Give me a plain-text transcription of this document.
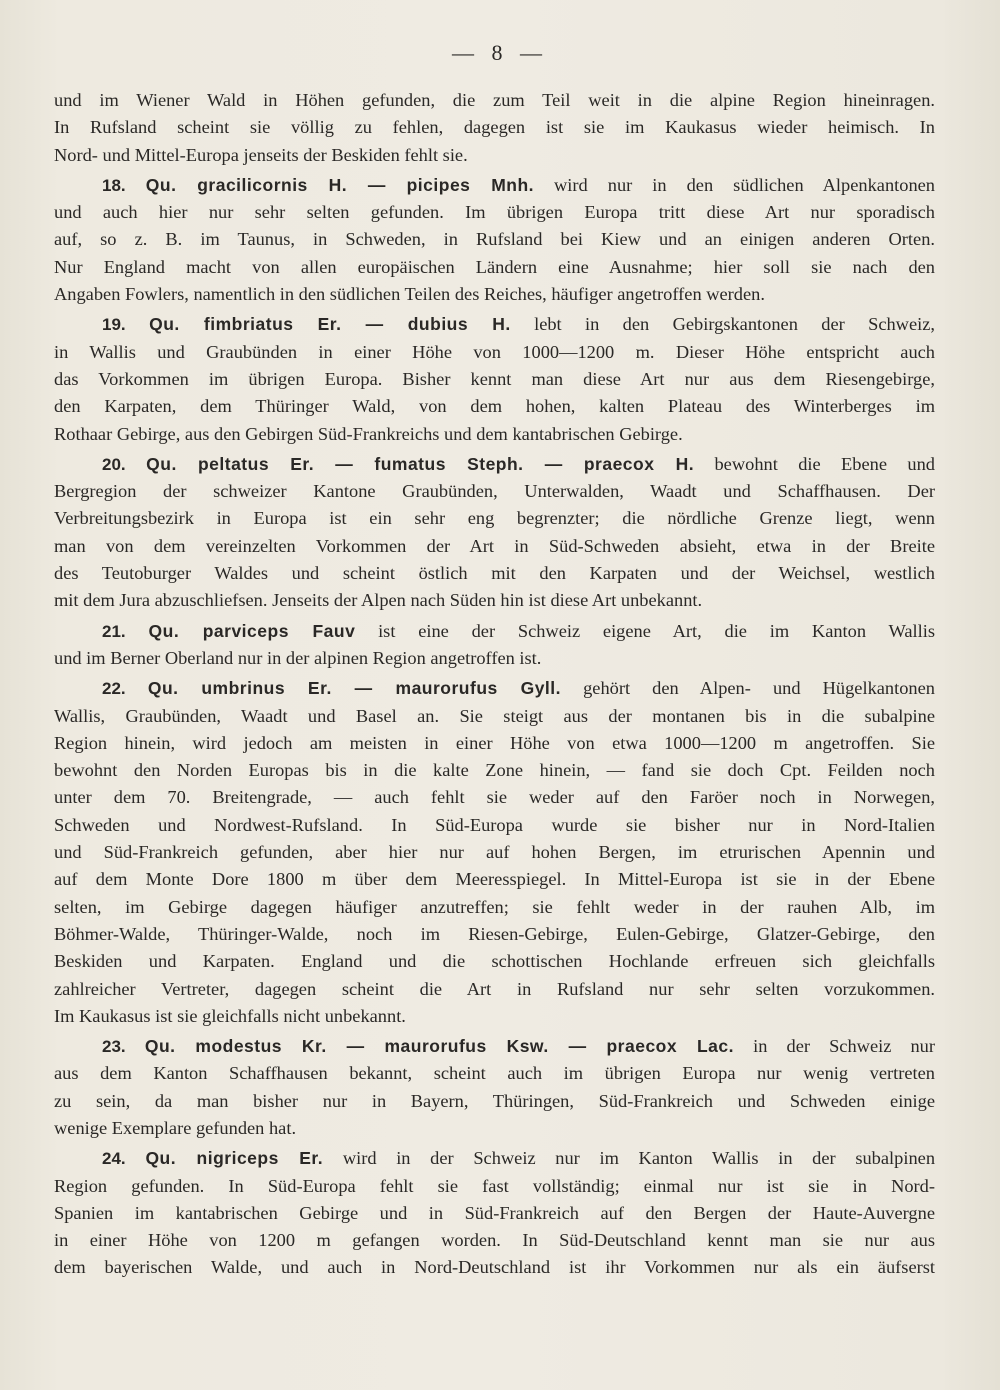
— 8 —
und im Wiener Wald in Höhen gefunden, die zum Teil weit in die alpine Region hineinragen.
In Rufsland scheint sie völlig zu fehlen, dagegen ist sie im Kaukasus wieder heimisch. In
Nord- und Mittel-Europa jenseits der Beskiden fehlt sie.
18. Qu. gracilicornis H. — picipes Mnh. wird nur in den südlichen Alpenkantonen
und auch hier nur sehr selten gefunden. Im übrigen Europa tritt diese Art nur sporadisch
auf, so z. B. im Taunus, in Schweden, in Rufsland bei Kiew und an einigen anderen Orten.
Nur England macht von allen europäischen Ländern eine Ausnahme; hier soll sie nach den
Angaben Fowlers, namentlich in den südlichen Teilen des Reiches, häufiger angetroffen werden.
19. Qu. fimbriatus Er. — dubius H. lebt in den Gebirgskantonen der Schweiz,
in Wallis und Graubünden in einer Höhe von 1000—1200 m. Dieser Höhe entspricht auch
das Vorkommen im übrigen Europa. Bisher kennt man diese Art nur aus dem Riesengebirge,
den Karpaten, dem Thüringer Wald, von dem hohen, kalten Plateau des Winterberges im
Rothaar Gebirge, aus den Gebirgen Süd-Frankreichs und dem kantabrischen Gebirge.
20. Qu. peltatus Er. — fumatus Steph. — praecox H. bewohnt die Ebene und
Bergregion der schweizer Kantone Graubünden, Unterwalden, Waadt und Schaffhausen. Der
Verbreitungsbezirk in Europa ist ein sehr eng begrenzter; die nördliche Grenze liegt, wenn
man von dem vereinzelten Vorkommen der Art in Süd-Schweden absieht, etwa in der Breite
des Teutoburger Waldes und scheint östlich mit den Karpaten und der Weichsel, westlich
mit dem Jura abzuschliefsen. Jenseits der Alpen nach Süden hin ist diese Art unbekannt.
21. Qu. parviceps Fauv ist eine der Schweiz eigene Art, die im Kanton Wallis
und im Berner Oberland nur in der alpinen Region angetroffen ist.
22. Qu. umbrinus Er. — maurorufus Gyll. gehört den Alpen- und Hügelkantonen
Wallis, Graubünden, Waadt und Basel an. Sie steigt aus der montanen bis in die subalpine
Region hinein, wird jedoch am meisten in einer Höhe von etwa 1000—1200 m angetroffen. Sie
bewohnt den Norden Europas bis in die kalte Zone hinein, — fand sie doch Cpt. Feilden noch
unter dem 70. Breitengrade, — auch fehlt sie weder auf den Faröer noch in Norwegen,
Schweden und Nordwest-Rufsland. In Süd-Europa wurde sie bisher nur in Nord-Italien
und Süd-Frankreich gefunden, aber hier nur auf hohen Bergen, im etrurischen Apennin und
auf dem Monte Dore 1800 m über dem Meeresspiegel. In Mittel-Europa ist sie in der Ebene
selten, im Gebirge dagegen häufiger anzutreffen; sie fehlt weder in der rauhen Alb, im
Böhmer-Walde, Thüringer-Walde, noch im Riesen-Gebirge, Eulen-Gebirge, Glatzer-Gebirge, den
Beskiden und Karpaten. England und die schottischen Hochlande erfreuen sich gleichfalls
zahlreicher Vertreter, dagegen scheint die Art in Rufsland nur sehr selten vorzukommen.
Im Kaukasus ist sie gleichfalls nicht unbekannt.
23. Qu. modestus Kr. — maurorufus Ksw. — praecox Lac. in der Schweiz nur
aus dem Kanton Schaffhausen bekannt, scheint auch im übrigen Europa nur wenig vertreten
zu sein, da man bisher nur in Bayern, Thüringen, Süd-Frankreich und Schweden einige
wenige Exemplare gefunden hat.
24. Qu. nigriceps Er. wird in der Schweiz nur im Kanton Wallis in der subalpinen
Region gefunden. In Süd-Europa fehlt sie fast vollständig; einmal nur ist sie in Nord-
Spanien im kantabrischen Gebirge und in Süd-Frankreich auf den Bergen der Haute-Auvergne
in einer Höhe von 1200 m gefangen worden. In Süd-Deutschland kennt man sie nur aus
dem bayerischen Walde, und auch in Nord-Deutschland ist ihr Vorkommen nur als ein äufserst
